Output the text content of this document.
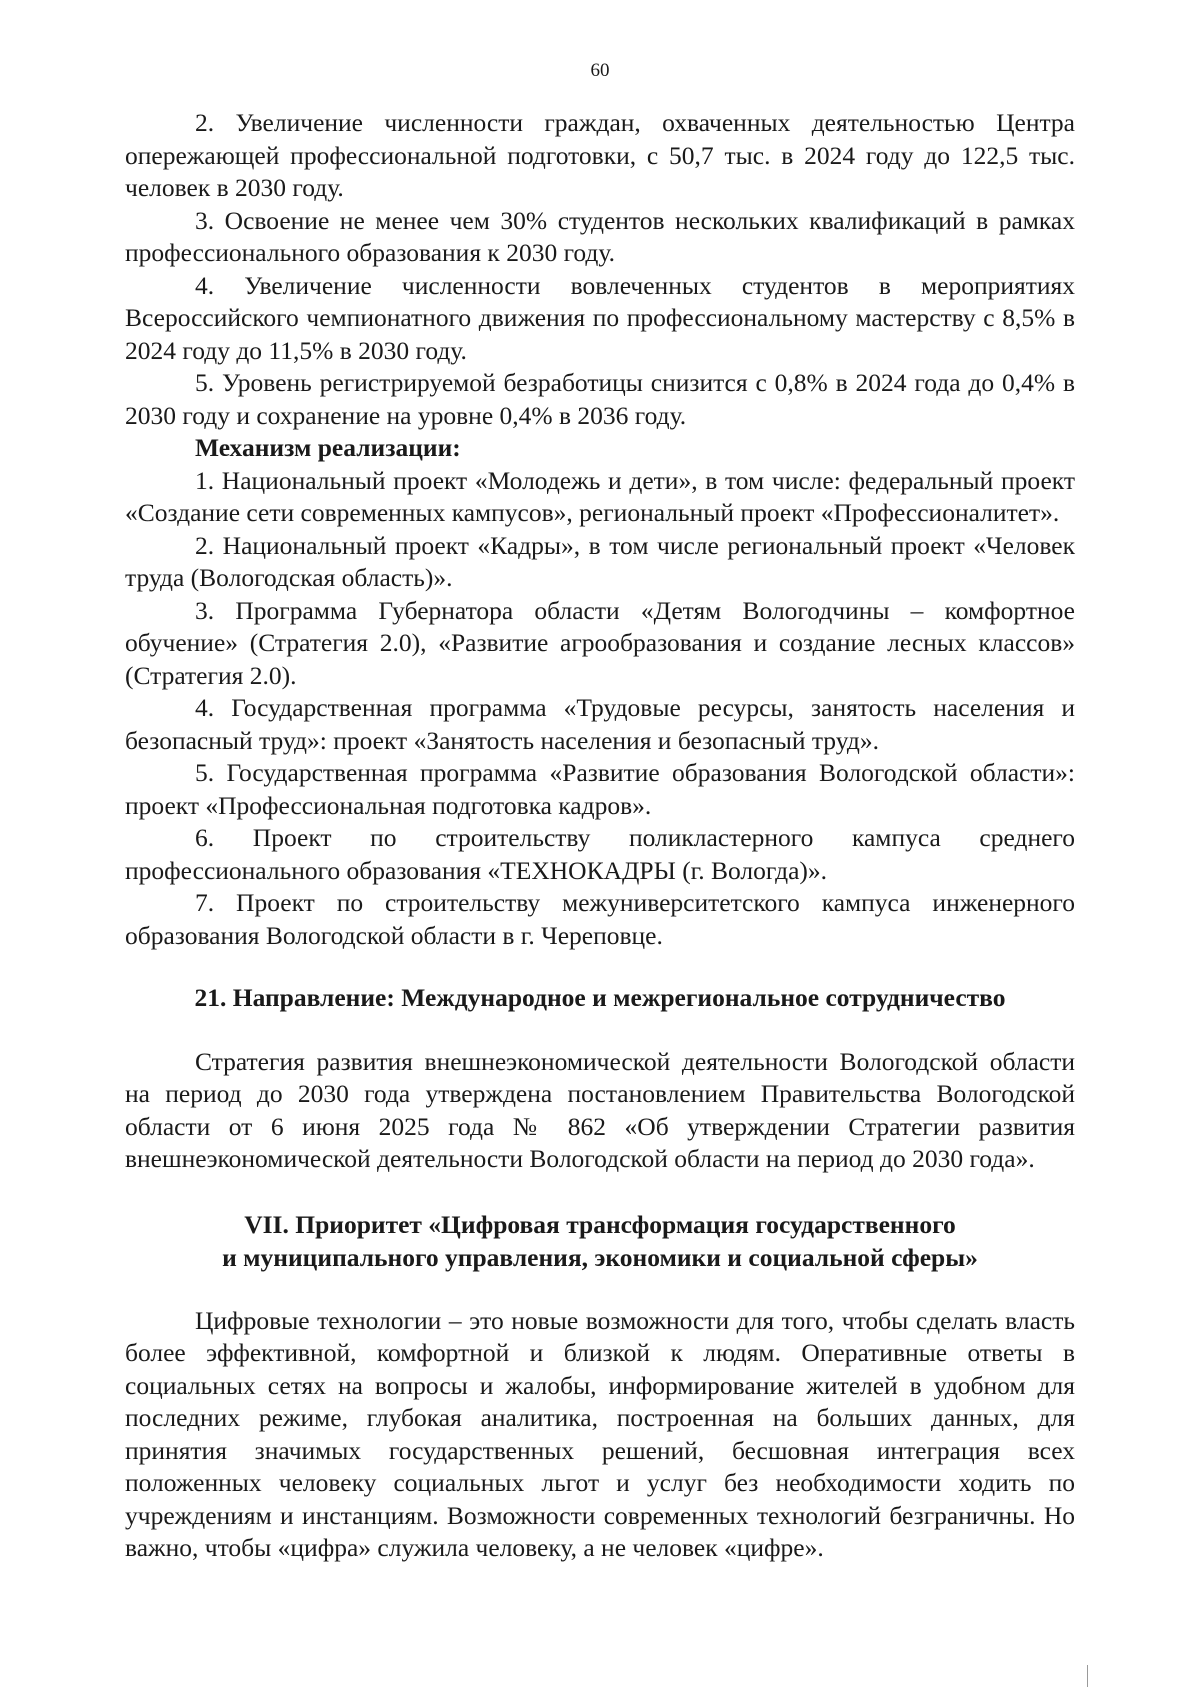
60

2. Увеличение численности граждан, охваченных деятельностью Центра опережающей профессиональной подготовки, с 50,7 тыс. в 2024 году до 122,5 тыс. человек в 2030 году.

3. Освоение не менее чем 30% студентов нескольких квалификаций в рамках профессионального образования к 2030 году.

4. Увеличение численности вовлеченных студентов в мероприятиях Всероссийского чемпионатного движения по профессиональному мастерству с 8,5% в 2024 году до 11,5% в 2030 году.

5. Уровень регистрируемой безработицы снизится с 0,8% в 2024 года до 0,4% в 2030 году и сохранение на уровне 0,4% в 2036 году.

Механизм реализации:

1. Национальный проект «Молодежь и дети», в том числе: федеральный проект «Создание сети современных кампусов», региональный проект «Профессионалитет».

2. Национальный проект «Кадры», в том числе региональный проект «Человек труда (Вологодская область)».

3. Программа Губернатора области «Детям Вологодчины – комфортное обучение» (Стратегия 2.0), «Развитие агрообразования и создание лесных классов» (Стратегия 2.0).

4. Государственная программа «Трудовые ресурсы, занятость населения и безопасный труд»: проект «Занятость населения и безопасный труд».

5. Государственная программа «Развитие образования Вологодской области»: проект «Профессиональная подготовка кадров».

6. Проект по строительству поликластерного кампуса среднего профессионального образования «ТЕХНОКАДРЫ (г. Вологда)».

7. Проект по строительству межуниверситетского кампуса инженерного образования Вологодской области в г. Череповце.

21. Направление: Международное и межрегиональное сотрудничество

Стратегия развития внешнеэкономической деятельности Вологодской области на период до 2030 года утверждена постановлением Правительства Вологодской области от 6 июня 2025 года № 862 «Об утверждении Стратегии развития внешнеэкономической деятельности Вологодской области на период до 2030 года».

VII. Приоритет «Цифровая трансформация государственного
и муниципального управления, экономики и социальной сферы»

Цифровые технологии – это новые возможности для того, чтобы сделать власть более эффективной, комфортной и близкой к людям. Оперативные ответы в социальных сетях на вопросы и жалобы, информирование жителей в удобном для последних режиме, глубокая аналитика, построенная на больших данных, для принятия значимых государственных решений, бесшовная интеграция всех положенных человеку социальных льгот и услуг без необходимости ходить по учреждениям и инстанциям. Возможности современных технологий безграничны. Но важно, чтобы «цифра» служила человеку, а не человек «цифре».
